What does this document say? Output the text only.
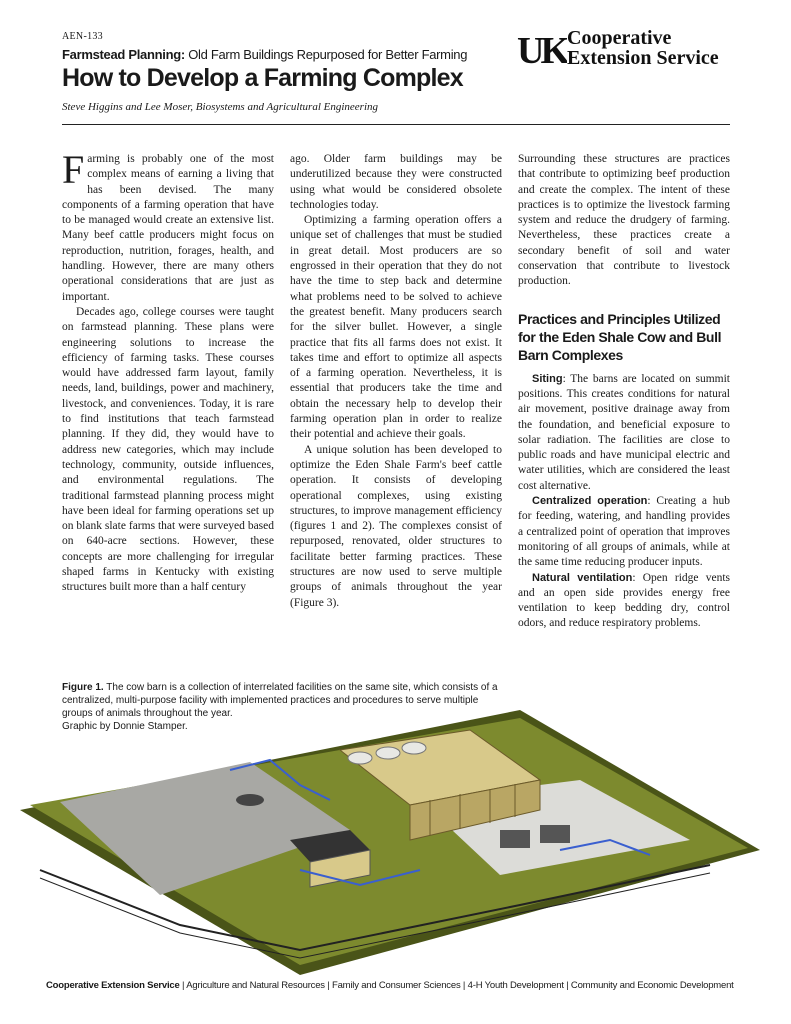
AEN-133
Farmstead Planning: Old Farm Buildings Repurposed for Better Farming
How to Develop a Farming Complex
Steve Higgins and Lee Moser, Biosystems and Agricultural Engineering
UK Cooperative
Extension Service

Farming is probably one of the most complex means of earning a living that has been devised. The many components of a farming operation that have to be managed would create an extensive list. Many beef cattle producers might focus on reproduction, nutrition, forages, health, and handling. However, there are many others operational considerations that are just as important.

Decades ago, college courses were taught on farmstead planning. These plans were engineering solutions to increase the efficiency of farming tasks. These courses would have addressed farm layout, family needs, land, buildings, power and machinery, livestock, and conveniences. Today, it is rare to find institutions that teach farmstead planning. If they did, they would have to address new categories, which may include technology, community, outside influences, and environmental regulations. The traditional farmstead planning process might have been ideal for farming operations set up on blank slate farms that were surveyed based on 640-acre sections. However, these concepts are more challenging for irregular shaped farms in Kentucky with existing structures built more than a half century

ago. Older farm buildings may be underutilized because they were constructed using what would be considered obsolete technologies today.

Optimizing a farming operation offers a unique set of challenges that must be studied in great detail. Most producers are so engrossed in their operation that they do not have the time to step back and determine what problems need to be solved to achieve the greatest benefit. Many producers search for the silver bullet. However, a single practice that fits all farms does not exist. It takes time and effort to optimize all aspects of a farming operation. Nevertheless, it is essential that producers take the time and obtain the necessary help to develop their farming operation plan in order to realize their potential and achieve their goals.

A unique solution has been developed to optimize the Eden Shale Farm's beef cattle operation. It consists of developing operational complexes, using existing structures, to improve management efficiency (figures 1 and 2). The complexes consist of repurposed, renovated, older structures to facilitate better farming practices. These structures are now used to serve multiple groups of animals throughout the year (Figure 3).

Surrounding these structures are practices that contribute to optimizing beef production and create the complex. The intent of these practices is to optimize the livestock farming system and reduce the drudgery of farming. Nevertheless, these practices create a secondary benefit of soil and water conservation that contribute to livestock production.

Practices and Principles Utilized for the Eden Shale Cow and Bull Barn Complexes

Siting: The barns are located on summit positions. This creates conditions for natural air movement, positive drainage away from the foundation, and beneficial exposure to solar radiation. The facilities are close to public roads and have municipal electric and water utilities, which are considered the least cost alternative.

Centralized operation: Creating a hub for feeding, watering, and handling provides a centralized point of operation that improves monitoring of all groups of animals, while at the same time reducing producer inputs.

Natural ventilation: Open ridge vents and an open side provides energy free ventilation to keep bedding dry, control odors, and reduce respiratory problems.

Figure 1. The cow barn is a collection of interrelated facilities on the same site, which consists of a centralized, multi-purpose facility with implemented practices and procedures to serve multiple groups of animals throughout the year.
Graphic by Donnie Stamper.
Cooperative Extension Service | Agriculture and Natural Resources | Family and Consumer Sciences | 4-H Youth Development | Community and Economic Development
